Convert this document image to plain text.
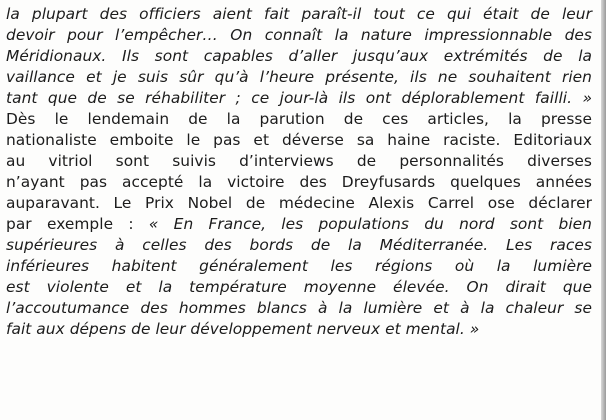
la plupart des officiers aient fait paraît-il tout ce qui était de leur
devoir pour l’empêcher… On connaît la nature impressionnable des
Méridionaux. Ils sont capables d’aller jusqu’aux extrémités de la
vaillance et je suis sûr qu’à l’heure présente, ils ne souhaitent rien
tant que de se réhabiliter ; ce jour-là ils ont déplorablement failli. »
Dès le lendemain de la parution de ces articles, la presse
nationaliste emboite le pas et déverse sa haine raciste. Editoriaux
au vitriol sont suivis d’interviews de personnalités diverses
n’ayant pas accepté la victoire des Dreyfusards quelques années
auparavant. Le Prix Nobel de médecine Alexis Carrel ose déclarer
par exemple : « En France, les populations du nord sont bien
supérieures à celles des bords de la Méditerranée. Les races
inférieures habitent généralement les régions où la lumière
est violente et la température moyenne élevée. On dirait que
l’accoutumance des hommes blancs à la lumière et à la chaleur se
fait aux dépens de leur développement nerveux et mental. »
